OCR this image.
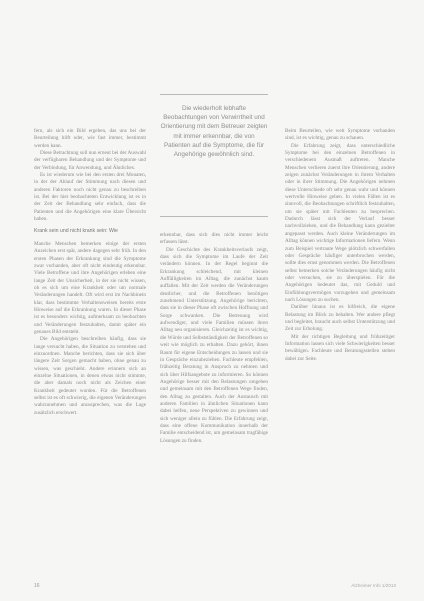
Die wiederholt lebhafte Beobachtungen von Verwirrtheit und Orientierung mit dem Betreuer zeigten mit immer erkennbar, die von Patienten auf die Symptome, die für Angehörige gewöhnlich sind.

fern, als sich ein Bild ergeben, das uns bei der Beurteilung hilft oder, wie fast immer, bestimmt werden kann.

Diese Betrachtung soll nun erneut bei der Auswahl der verfügbaren Behandlung und der Symptome und der Verbindung, für Anwendung, und Ähnliches.

Es ist wiederum wie bei den ersten drei Monaten, in der der Ablauf der Stimmung nach diesen und anderen Faktoren noch nicht genau zu beschreiben ist. Bei der hier beobachteten Entwicklung ist es in der Zeit der Behandlung sehr einfach, dass die Patienten und die Angehörigen eine klare Übersicht haben.

Krank sein und nicht krank sein: Wie

Manche Menschen bemerken einige der ersten Anzeichen erst spät, andere dagegen sehr früh. In den ersten Phasen der Erkrankung sind die Symptome zwar vorhanden, aber oft nicht eindeutig erkennbar. Viele Betroffene und ihre Angehörigen erleben eine lange Zeit der Unsicherheit, in der sie nicht wissen, ob es sich um eine Krankheit oder um normale Veränderungen handelt. Oft wird erst im Nachhinein klar, dass bestimmte Verhaltensweisen bereits erste Hinweise auf die Erkrankung waren. In dieser Phase ist es besonders wichtig, aufmerksam zu beobachten und Veränderungen festzuhalten, damit später ein genaues Bild entsteht.

Die Angehörigen beschreiben häufig, dass sie lange versucht haben, die Situation zu verstehen und einzuordnen. Manche berichten, dass sie sich über längere Zeit Sorgen gemacht haben, ohne genau zu wissen, was geschieht. Andere erinnern sich an einzelne Situationen, in denen etwas nicht stimmte, die aber damals noch nicht als Zeichen einer Krankheit gedeutet wurden. Für die Betroffenen selbst ist es oft schwierig, die eigenen Veränderungen wahrzunehmen und anzusprechen, was die Lage zusätzlich erschwert.

erkennbar, dass sich dies nicht immer leicht erfassen lässt.

Die Geschichte des Krankheitsverlaufs zeigt, dass sich die Symptome im Laufe der Zeit verändern können. In der Regel beginnt die Erkrankung schleichend, mit kleinen Auffälligkeiten im Alltag, die zunächst kaum auffallen. Mit der Zeit werden die Veränderungen deutlicher, und die Betroffenen benötigen zunehmend Unterstützung. Angehörige berichten, dass sie in dieser Phase oft zwischen Hoffnung und Sorge schwanken. Die Betreuung wird aufwendiger, und viele Familien müssen ihren Alltag neu organisieren. Gleichzeitig ist es wichtig, die Würde und Selbstständigkeit der Betroffenen so weit wie möglich zu erhalten. Dazu gehört, ihnen Raum für eigene Entscheidungen zu lassen und sie in Gespräche einzubeziehen. Fachleute empfehlen, frühzeitig Beratung in Anspruch zu nehmen und sich über Hilfsangebote zu informieren. So können Angehörige besser mit den Belastungen umgehen und gemeinsam mit den Betroffenen Wege finden, den Alltag zu gestalten. Auch der Austausch mit anderen Familien in ähnlichen Situationen kann dabei helfen, neue Perspektiven zu gewinnen und sich weniger allein zu fühlen. Die Erfahrung zeigt, dass eine offene Kommunikation innerhalb der Familie entscheidend ist, um gemeinsam tragfähige Lösungen zu finden.

Beim Beurteilen, wie weit Symptome vorhanden sind, ist es wichtig, genau zu schauen.

Die Erfahrung zeigt, dass unterschiedliche Symptome bei den einzelnen Betroffenen in verschiedenem Ausmaß auftreten. Manche Menschen verlieren zuerst ihre Orientierung, andere zeigen zunächst Veränderungen in ihrem Verhalten oder in ihrer Stimmung. Die Angehörigen nehmen diese Unterschiede oft sehr genau wahr und können wertvolle Hinweise geben. In vielen Fällen ist es sinnvoll, die Beobachtungen schriftlich festzuhalten, um sie später mit Fachleuten zu besprechen. Dadurch lässt sich der Verlauf besser nachvollziehen, und die Behandlung kann gezielter angepasst werden. Auch kleine Veränderungen im Alltag können wichtige Informationen liefern. Wenn zum Beispiel vertraute Wege plötzlich schwerfallen oder Gespräche häufiger unterbrochen werden, sollte dies ernst genommen werden. Die Betroffenen selbst bemerken solche Veränderungen häufig nicht oder versuchen, sie zu überspielen. Für die Angehörigen bedeutet das, mit Geduld und Einfühlungsvermögen vorzugehen und gemeinsam nach Lösungen zu suchen.

Darüber hinaus ist es hilfreich, die eigene Belastung im Blick zu behalten. Wer andere pflegt und begleitet, braucht auch selbst Unterstützung und Zeit zur Erholung.

Mit der richtigen Begleitung und frühzeitiger Information lassen sich viele Schwierigkeiten besser bewältigen. Fachleute und Beratungsstellen stehen dabei zur Seite.

16	Alzheimer Info 1/2013
